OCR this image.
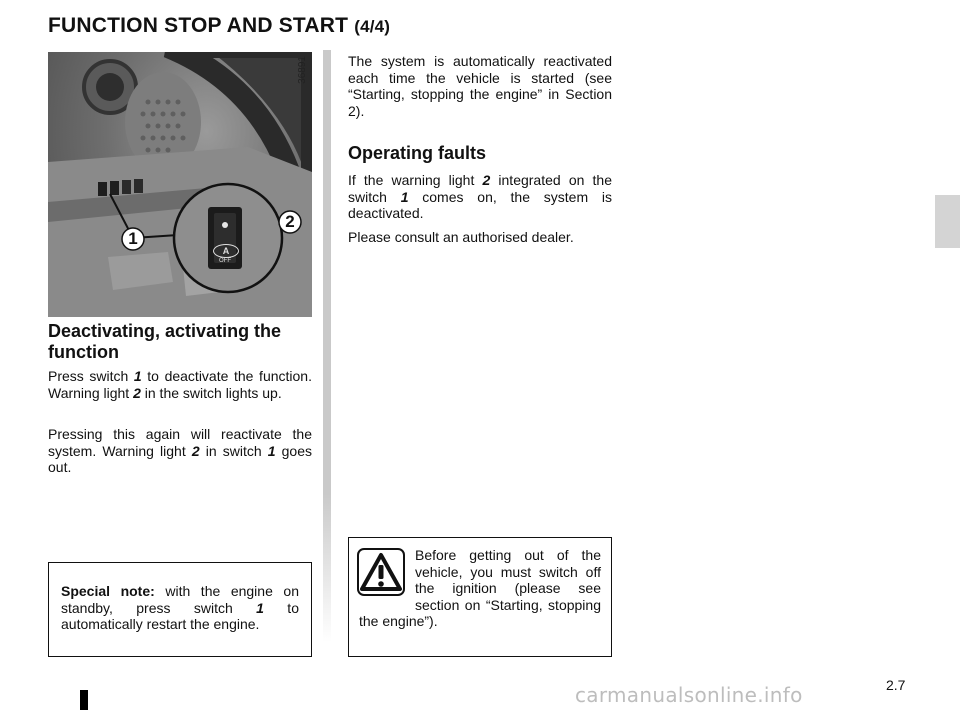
FUNCTION STOP AND START (4/4)
1
2
A
OFF
36891
Deactivating, activating the function

Press switch 1 to deactivate the function. Warning light 2 in the switch lights up.

Pressing this again will reactivate the system. Warning light 2 in switch 1 goes out.

Special note: with the engine on standby, press switch 1 to automatically restart the engine.

The system is automatically reactivated each time the vehicle is started (see “Starting, stopping the engine” in Section 2).

Operating faults

If the warning light 2 integrated on the switch 1 comes on, the system is deactivated.

Please consult an authorised dealer.

Before getting out of the vehicle, you must switch off the ignition (please see section on “Starting, stopping the engine”).

2.7
carmanualsonline.info
